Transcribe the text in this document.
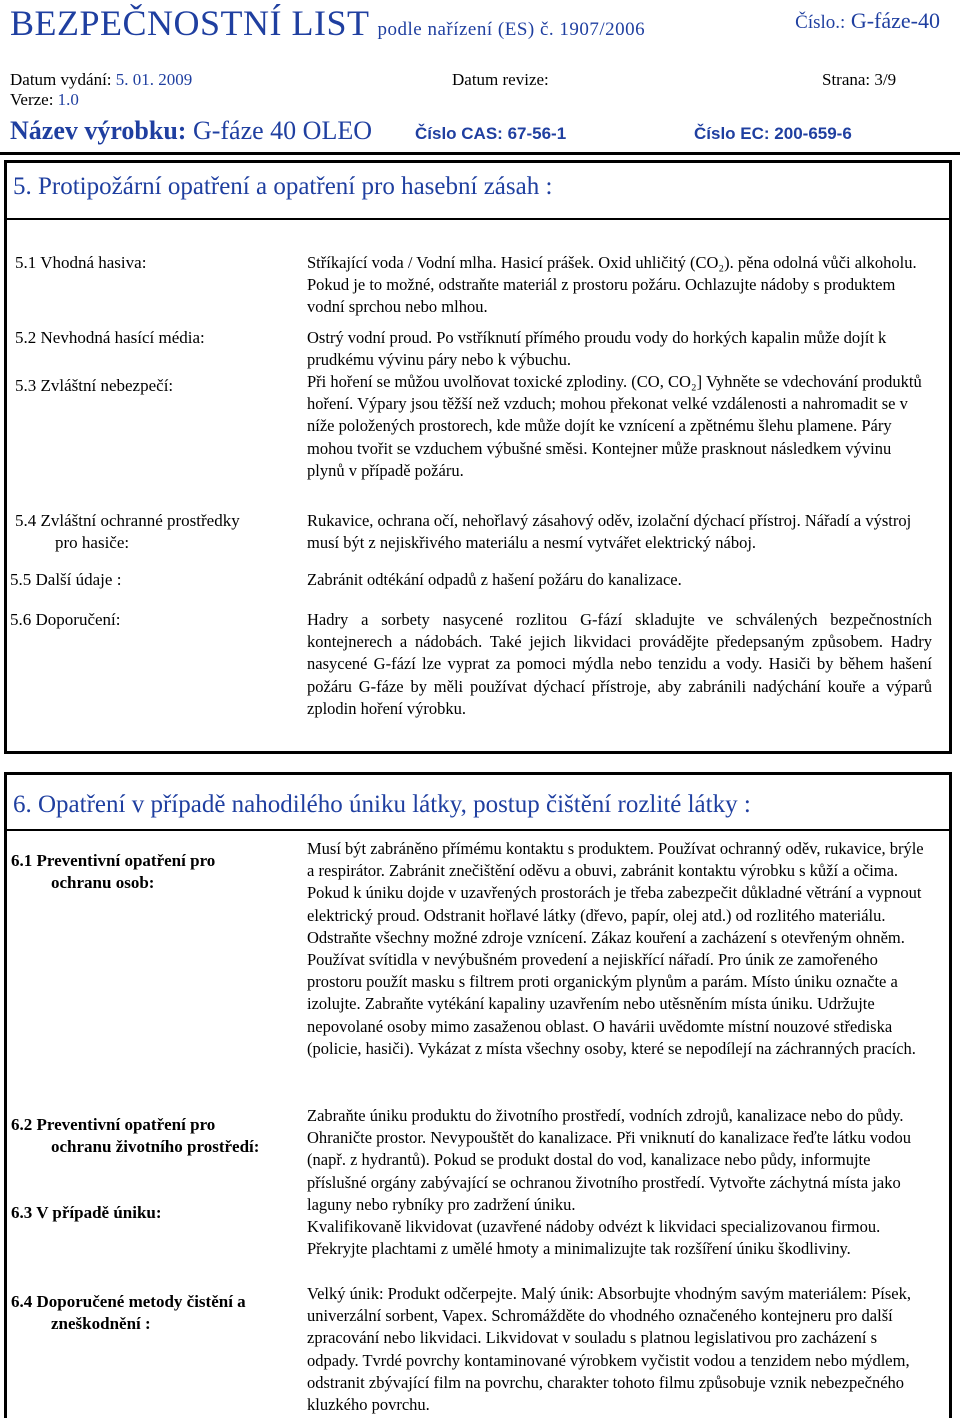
BEZPEČNOSTNÍ LIST podle nařízení (ES) č. 1907/2006	Číslo.: G-fáze-40
Datum vydání: 5. 01. 2009	Datum revize:	Strana: 3/9
Verze: 1.0
Název výrobku: G-fáze 40 OLEO	Číslo CAS: 67-56-1	Číslo EC: 200-659-6
5. Protipožární opatření a opatření pro hasební zásah :
5.1 Vhodná hasiva:	Stříkající voda / Vodní mlha. Hasicí prášek. Oxid uhličitý (CO₂). pěna odolná vůči alkoholu. Pokud je to možné, odstraňte materiál z prostoru požáru. Ochlazujte nádoby s produktem vodní sprchou nebo mlhou.
5.2 Nevhodná hasící média:	Ostrý vodní proud. Po vstříknutí přímého proudu vody do horkých kapalin může dojít k prudkému vývinu páry nebo k výbuchu.
5.3 Zvláštní nebezpečí:	Při hoření se můžou uvolňovat toxické zplodiny. (CO, CO₂] Vyhněte se vdechování produktů hoření. Výpary jsou těžší než vzduch; mohou překonat velké vzdálenosti a nahromadit se v níže položených prostorech, kde může dojít ke vznícení a zpětnému šlehu plamene. Páry mohou tvořit se vzduchem výbušné směsi. Kontejner může prasknout následkem vývinu plynů v případě požáru.
5.4 Zvláštní ochranné prostředky
pro hasiče:
Rukavice, ochrana očí, nehořlavý zásahový oděv, izolační dýchací přístroj. Nářadí a výstroj musí být z nejiskřivého materiálu a nesmí vytvářet elektrický náboj.
5.5 Další údaje :	Zabránit odtékání odpadů z hašení požáru do kanalizace.
5.6 Doporučení:	Hadry a sorbety nasycené rozlitou G-fází skladujte ve schválených bezpečnostních kontejnerech a nádobách. Také jejich likvidaci provádějte předepsaným způsobem. Hadry nasycené G-fází lze vyprat za pomoci mýdla nebo tenzidu a vody. Hasiči by během hašení požáru G-fáze by měli používat dýchací přístroje, aby zabránili nadýchání kouře a výparů zplodin hoření výrobku.
6. Opatření v případě nahodilého úniku látky, postup čištění rozlité látky :
6.1 Preventivní opatření pro
ochranu osob:
Musí být zabráněno přímému kontaktu s produktem. Používat ochranný oděv, rukavice, brýle a respirátor. Zabránit znečištění oděvu a obuvi, zabránit kontaktu výrobku s kůží a očima. Pokud k úniku dojde v uzavřených prostorách je třeba zabezpečit důkladné větrání a vypnout elektrický proud. Odstranit hořlavé látky (dřevo, papír, olej atd.) od rozlitého materiálu. Odstraňte všechny možné zdroje vznícení. Zákaz kouření a zacházení s otevřeným ohněm. Používat svítidla v nevýbušném provedení a nejiskřící nářadí. Pro únik ze zamořeného prostoru použít masku s filtrem proti organickým plynům a parám. Místo úniku označte a izolujte. Zabraňte vytékání kapaliny uzavřením nebo utěsněním místa úniku. Udržujte nepovolané osoby mimo zasaženou oblast. O havárii uvědomte místní nouzové střediska (policie, hasiči). Vykázat z místa všechny osoby, které se nepodílejí na záchranných pracích.
6.2 Preventivní opatření pro
ochranu životního prostředí:
Zabraňte úniku produktu do životního prostředí, vodních zdrojů, kanalizace nebo do půdy. Ohraničte prostor. Nevypouštět do kanalizace. Při vniknutí do kanalizace řeďte látku vodou (např. z hydrantů). Pokud se produkt dostal do vod, kanalizace nebo půdy, informujte příslušné orgány zabývající se ochranou životního prostředí. Vytvořte záchytná místa jako laguny nebo rybníky pro zadržení úniku.
6.3 V případě úniku:
Kvalifikovaně likvidovat (uzavřené nádoby odvézt k likvidaci specializovanou firmou. Překryjte plachtami z umělé hmoty a minimalizujte tak rozšíření úniku škodliviny.
6.4 Doporučené metody čistění a
zneškodnění :
Velký únik: Produkt odčerpejte. Malý únik: Absorbujte vhodným savým materiálem: Písek, univerzální sorbent, Vapex. Schromážděte do vhodného označeného kontejneru pro další zpracování nebo likvidaci. Likvidovat v souladu s platnou legislativou pro zacházení s odpady. Tvrdé povrchy kontaminované výrobkem vyčistit vodou a tenzidem nebo mýdlem, odstranit zbývající film na povrchu, charakter tohoto filmu způsobuje vznik nebezpečného kluzkého povrchu.
